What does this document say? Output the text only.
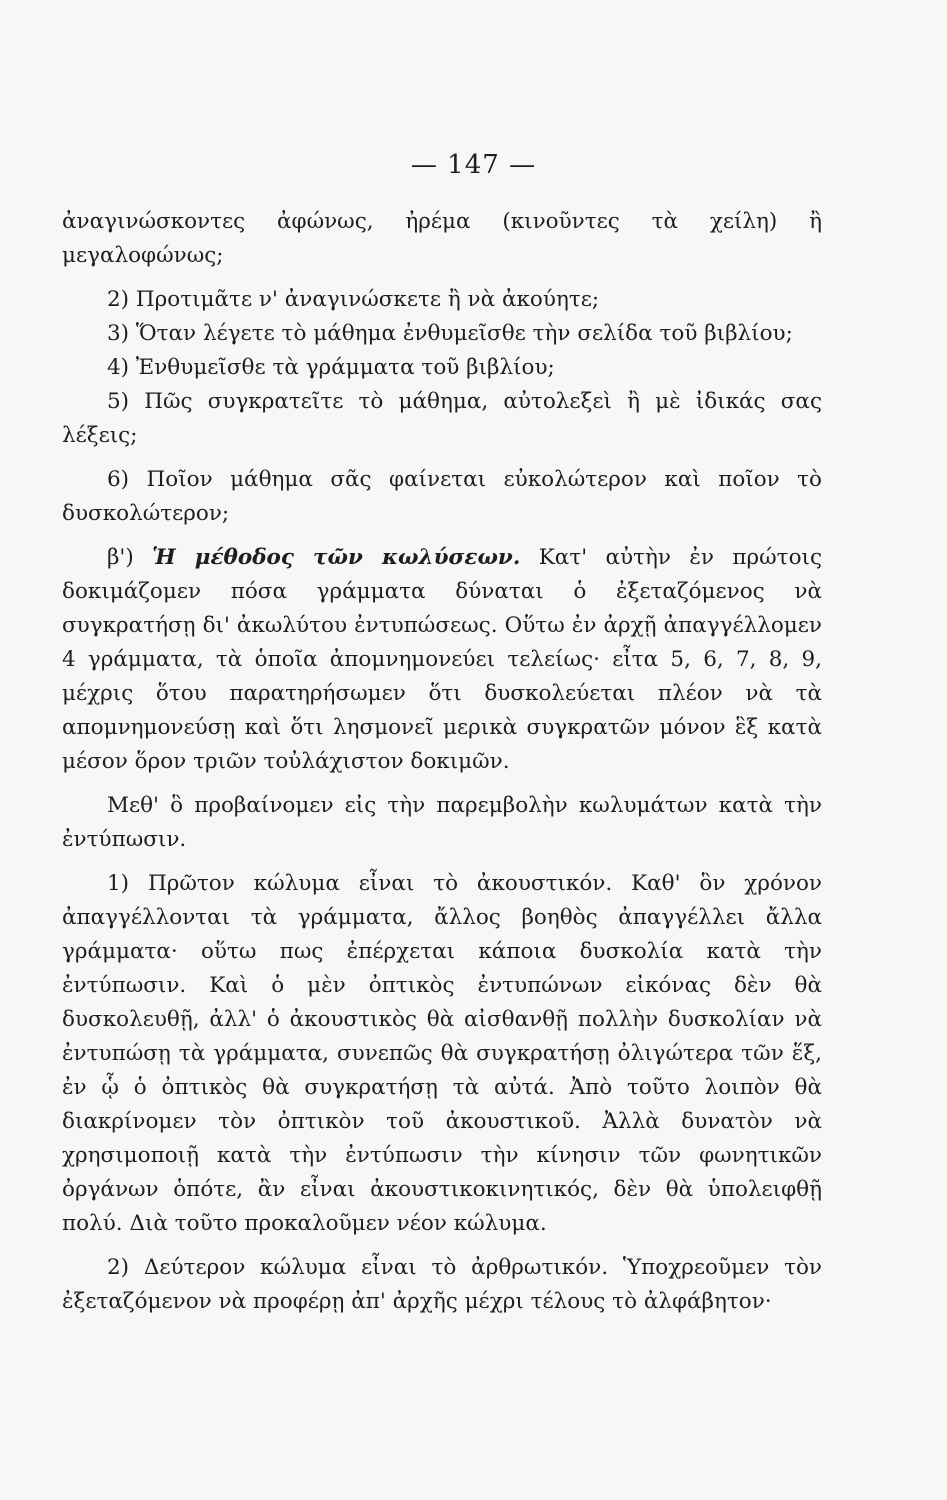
— 147 —

ἀναγινώσκοντες ἀφώνως, ἠρέμα (κινοῦντες τὰ χείλη) ἢ μεγαλοφώνως;

2) Προτιμᾶτε ν' ἀναγινώσκετε ἢ νὰ ἀκούητε;

3) Ὅταν λέγετε τὸ μάθημα ἐνθυμεῖσθε τὴν σελίδα τοῦ βιβλίου;

4) Ἐνθυμεῖσθε τὰ γράμματα τοῦ βιβλίου;

5) Πῶς συγκρατεῖτε τὸ μάθημα, αὐτολεξεὶ ἢ μὲ ἰδικάς σας λέξεις;

6) Ποῖον μάθημα σᾶς φαίνεται εὐκολώτερον καὶ ποῖον τὸ δυσκολώτερον;

β') Ἡ μέθοδος τῶν κωλύσεων. Κατ' αὐτὴν ἐν πρώτοις δοκιμάζομεν πόσα γράμματα δύναται ὁ ἐξεταζόμενος νὰ συγκρατήσῃ δι' ἀκωλύτου ἐντυπώσεως. Οὕτω ἐν ἀρχῇ ἀπαγγέλλομεν 4 γράμματα, τὰ ὁποῖα ἀπομνημονεύει τελείως· εἶτα 5, 6, 7, 8, 9, μέχρις ὅτου παρατηρήσωμεν ὅτι δυσκολεύεται πλέον νὰ τὰ απομνημονεύσῃ καὶ ὅτι λησμονεῖ μερικὰ συγκρατῶν μόνον ἓξ κατὰ μέσον ὅρον τριῶν τοὐλάχιστον δοκιμῶν.

Μεθ' ὃ προβαίνομεν εἰς τὴν παρεμβολὴν κωλυμάτων κατὰ τὴν ἐντύπωσιν.

1) Πρῶτον κώλυμα εἶναι τὸ ἀκουστικόν. Καθ' ὃν χρόνον ἀπαγγέλλονται τὰ γράμματα, ἄλλος βοηθὸς ἀπαγγέλλει ἄλλα γράμματα· οὕτω πως ἐπέρχεται κάποια δυσκολία κατὰ τὴν ἐντύπωσιν. Καὶ ὁ μὲν ὀπτικὸς ἐντυπώνων εἰκόνας δὲν θὰ δυσκολευθῇ, ἀλλ' ὁ ἀκουστικὸς θὰ αἰσθανθῇ πολλὴν δυσκολίαν νὰ ἐντυπώσῃ τὰ γράμματα, συνεπῶς θὰ συγκρατήσῃ ὀλιγώτερα τῶν ἕξ, ἐν ᾧ ὁ ὀπτικὸς θὰ συγκρατήσῃ τὰ αὐτά. Ἀπὸ τοῦτο λοιπὸν θὰ διακρίνομεν τὸν ὀπτικὸν τοῦ ἀκουστικοῦ. Ἀλλὰ δυνατὸν νὰ χρησιμοποιῇ κατὰ τὴν ἐντύπωσιν τὴν κίνησιν τῶν φωνητικῶν ὀργάνων ὁπότε, ἂν εἶναι ἀκουστικοκινητικός, δὲν θὰ ὑπολειφθῇ πολύ. Διὰ τοῦτο προκαλοῦμεν νέον κώλυμα.

2) Δεύτερον κώλυμα εἶναι τὸ ἀρθρωτικόν. Ὑποχρεοῦμεν τὸν ἐξεταζόμενον νὰ προφέρῃ ἀπ' ἀρχῆς μέχρι τέλους τὸ ἀλφάβητον·
